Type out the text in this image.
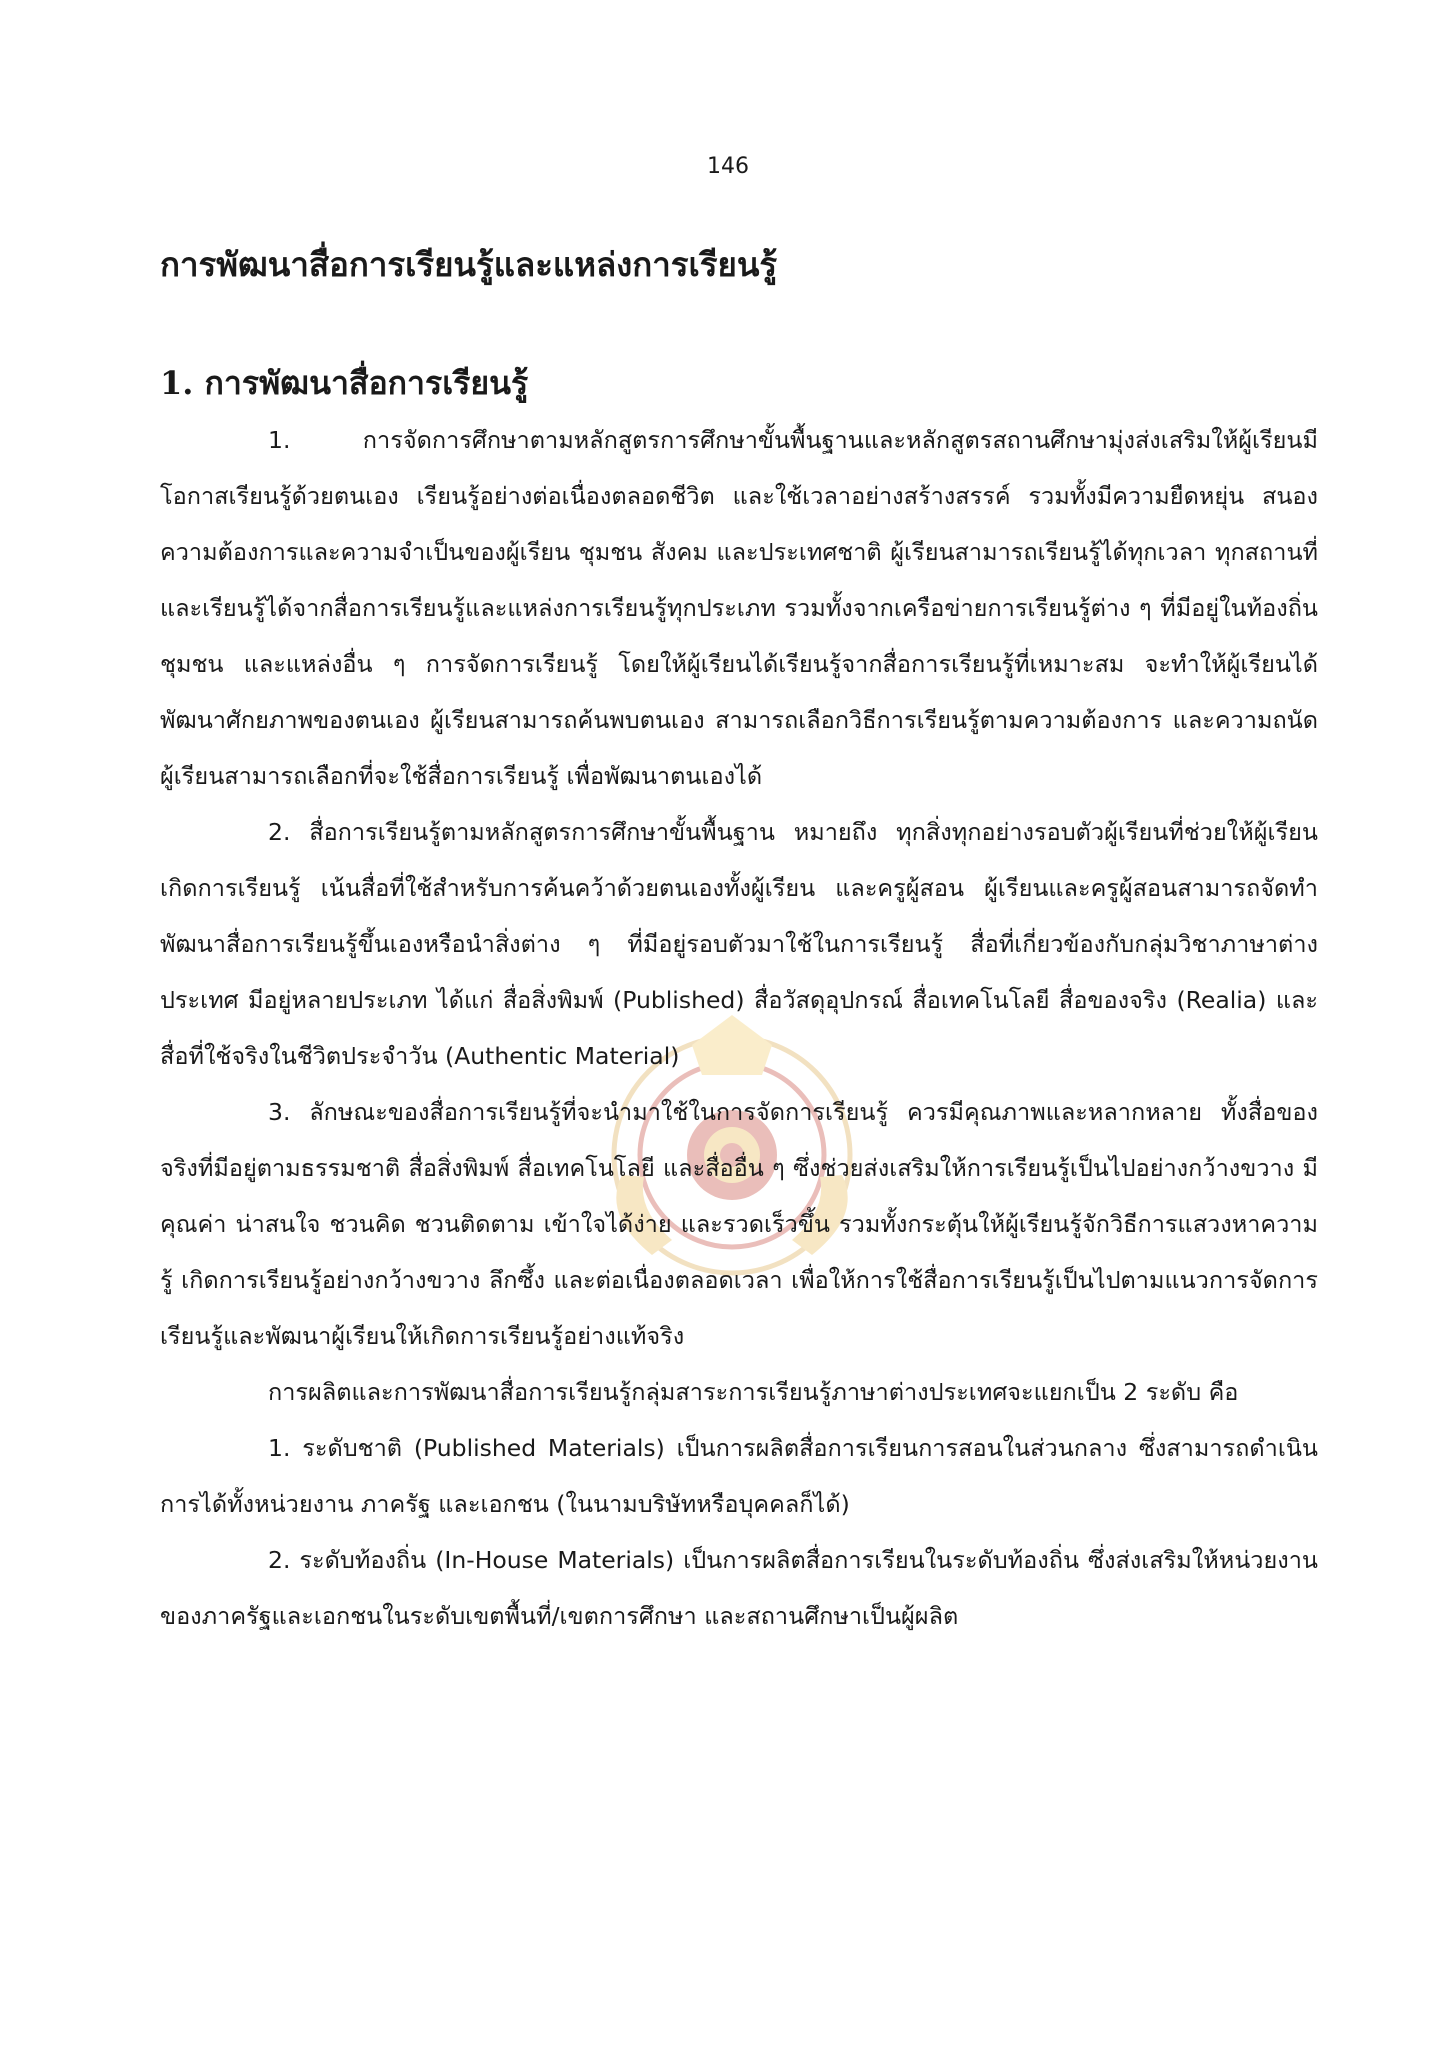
146
การพัฒนาสื่อการเรียนรู้และแหล่งการเรียนรู้
1. การพัฒนาสื่อการเรียนรู้

1. การจัดการศึกษาตามหลักสูตรการศึกษาขั้นพื้นฐานและหลักสูตรสถานศึกษามุ่งส่งเสริมให้ผู้เรียนมีโอกาสเรียนรู้ด้วยตนเอง เรียนรู้อย่างต่อเนื่องตลอดชีวิต และใช้เวลาอย่างสร้างสรรค์ รวมทั้งมีความยืดหยุ่น สนองความต้องการและความจำเป็นของผู้เรียน ชุมชน สังคม และประเทศชาติ ผู้เรียนสามารถเรียนรู้ได้ทุกเวลา ทุกสถานที่ และเรียนรู้ได้จากสื่อการเรียนรู้และแหล่งการเรียนรู้ทุกประเภท รวมทั้งจากเครือข่ายการเรียนรู้ต่าง ๆ ที่มีอยู่ในท้องถิ่น ชุมชน และแหล่งอื่น ๆ การจัดการเรียนรู้ โดยให้ผู้เรียนได้เรียนรู้จากสื่อการเรียนรู้ที่เหมาะสม จะทำให้ผู้เรียนได้พัฒนาศักยภาพของตนเอง ผู้เรียนสามารถค้นพบตนเอง สามารถเลือกวิธีการเรียนรู้ตามความต้องการ และความถนัด ผู้เรียนสามารถเลือกที่จะใช้สื่อการเรียนรู้ เพื่อพัฒนาตนเองได้

2. สื่อการเรียนรู้ตามหลักสูตรการศึกษาขั้นพื้นฐาน หมายถึง ทุกสิ่งทุกอย่างรอบตัวผู้เรียนที่ช่วยให้ผู้เรียนเกิดการเรียนรู้ เน้นสื่อที่ใช้สำหรับการค้นคว้าด้วยตนเองทั้งผู้เรียน และครูผู้สอน ผู้เรียนและครูผู้สอนสามารถจัดทำ พัฒนาสื่อการเรียนรู้ขึ้นเองหรือนำสิ่งต่าง ๆ ที่มีอยู่รอบตัวมาใช้ในการเรียนรู้ สื่อที่เกี่ยวข้องกับกลุ่มวิชาภาษาต่างประเทศ มีอยู่หลายประเภท ได้แก่ สื่อสิ่งพิมพ์ (Published) สื่อวัสดุอุปกรณ์ สื่อเทคโนโลยี สื่อของจริง (Realia) และสื่อที่ใช้จริงในชีวิตประจำวัน (Authentic Material)

3. ลักษณะของสื่อการเรียนรู้ที่จะนำมาใช้ในการจัดการเรียนรู้ ควรมีคุณภาพและหลากหลาย ทั้งสื่อของจริงที่มีอยู่ตามธรรมชาติ สื่อสิ่งพิมพ์ สื่อเทคโนโลยี และสื่ออื่น ๆ ซึ่งช่วยส่งเสริมให้การเรียนรู้เป็นไปอย่างกว้างขวาง มีคุณค่า น่าสนใจ ชวนคิด ชวนติดตาม เข้าใจได้ง่าย และรวดเร็วขึ้น รวมทั้งกระตุ้นให้ผู้เรียนรู้จักวิธีการแสวงหาความรู้ เกิดการเรียนรู้อย่างกว้างขวาง ลึกซึ้ง และต่อเนื่องตลอดเวลา เพื่อให้การใช้สื่อการเรียนรู้เป็นไปตามแนวการจัดการเรียนรู้และพัฒนาผู้เรียนให้เกิดการเรียนรู้อย่างแท้จริง

การผลิตและการพัฒนาสื่อการเรียนรู้กลุ่มสาระการเรียนรู้ภาษาต่างประเทศจะแยกเป็น 2 ระดับ คือ

1. ระดับชาติ (Published Materials) เป็นการผลิตสื่อการเรียนการสอนในส่วนกลาง ซึ่งสามารถดำเนินการได้ทั้งหน่วยงาน ภาครัฐ และเอกชน (ในนามบริษัทหรือบุคคลก็ได้)

2. ระดับท้องถิ่น (In-House Materials) เป็นการผลิตสื่อการเรียนในระดับท้องถิ่น ซึ่งส่งเสริมให้หน่วยงานของภาครัฐและเอกชนในระดับเขตพื้นที่/เขตการศึกษา และสถานศึกษาเป็นผู้ผลิต
